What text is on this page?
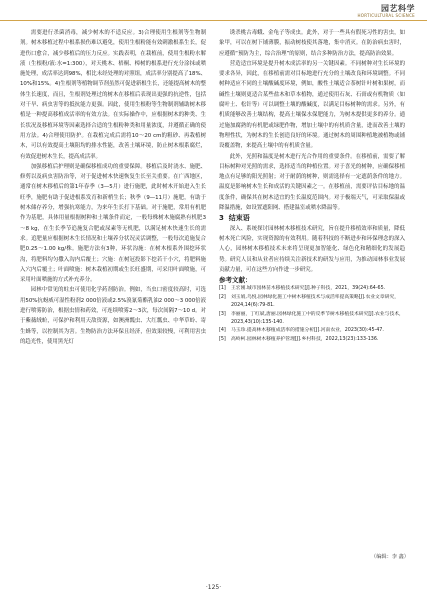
园艺科学
HORTICULTURAL SCIENCE

需要进行杀菌消毒，减少树木的不适反应。3)合理使用生根剂等生物制剂。树木移植过程中根系损伤难以避免，使用生根粉能有效刺激根系生长，促进伤口愈合，减少移植后的压力反应。实践表明，在栽植前，使用生根粉水解液（生根粉/液:水=1:300），对天桃木、梧桐、樟树的根系进行充分涂抹或喷施处理，成活率达到98%，相比未经处理的对照组，成活率分别提高了18%、10%和15%。4)生根剂等植物调节剂虽然可促进新根生长，还能提高树木的整体生长速度，而且，生根剂处理过的树木在移植后表现出更强的抗逆性，包括对干旱、病虫害等的抵抗能力更强。因此，使用生根粉等生物制剂辅助树木移植是一种提高移植成活率的有效方法。在实际操作中，应根据树木的种类、生长状况及移植环境等因素选择合适的生根粉种类和用量浓度，并遵循正确的使用方法。4)合理使用防护。在栽植完成后需将10～20 cm的粗砂、再栽植树木，可以有效提高土壤阻均的排水性能，改善土壤环境，防止树木根系腐烂，有效促进树木生长，提高成活率。

加强移植后护理则是确保移植成功的重要保障。移植后及时浇水、施肥、修剪以及病虫害防治等，对于促进树木快速恢复生长至关重要。在广西地区，通常在树木移植后的第1年春季（3—5月）进行施肥，此时树木开始进入生长旺季，施肥有助于促进根系发育和新梢生长；秋季（9—11月）施肥，有助于树木储存养分，增强抗寒能力，为来年生长打下基础。对于施肥，常用有机肥作为基肥，具体用量根据树种和土壤条件而定，一般每株树木施腐熟有机肥3～8 kg，在生长季节追施复合肥或尿素等无机肥，以满足树木快速生长的需求。追肥量应根据树木生长情况和土壤养分状况灵活调整，一般每次追施复合肥0.25～1.00 kg/株。施肥方法有3种，环状沟施：在树木根系外围挖环状沟，将肥料均匀撒入沟内后覆土；穴施：在树冠投影下挖若干小穴，将肥料施入穴内后覆土；叶面喷施：树木栽植初期或生长旺盛期，可采用叶面喷施，可采用叶面喷施的方式补充养分。

园林中常见的蛀虫可使用化学药剂防治。例如，当虫口密度较高时，可选用50%抗蚜威可湿性粉剂2 000倍液或2.5%溴氰菊酯乳油2 000～3 000倍液进行喷雾防治，根据虫情和药效，可连续喷雾2～3次，每次间隔7～10 d。对于紫薇绒蚧，可保护和利用天敌资源，如澳洲瓢虫、大红瓢虫、中华草蛉、寄生蜂等，以控制其为害。生物防治方法环保且经济，但效果较慢，可利用害虫的趋光性，使用黑光灯

诱杀桃古毒蛾、金龟子等成虫。此外，对于一些具有假死习性的害虫，如象甲，可以在树下铺薄膜，振动树枝使其落地，集中消灭。在防治病虫害时，应遵循“预防为主，综合治理”的原则，结合多种防治方法，提高防治效果。

营造适宜环境是提升树木成活率的另一关键因素。不同树种对生长环境的要求各异，因此，在移植前需对目标地进行充分的土壤改良和环境调整。不同树种适应不同的土壤酸碱度环境，例如，酸性土壤适合茶树针叶树和果树，而碱性土壤则更适合某些盐木和草本植物，通过使用石灰、石膏或有机物质（如腐叶土、松针等）可以调整土壤的酸碱度，以满足目标树种的需求。另外，有机质能够改善土壤结构，提高土壤保水保肥能力，为树木提供更多的养分。通过施加腐熟的有机肥或绿肥作物，增加土壤中的有机质含量，进而改善土壤的物理性状，为树木的生长创造良好的环境。通过树木的周围种植地被植物或铺设覆盖物，来提高土壤中的有机质含量。

此外，光照和温度是树木进行光合作用的重要条件。在移植前，需要了解目标树种对光照的需求，选择适当的种植位置。对于喜光的树种，应确保移植地点有足够的阳光照射；对于耐荫的树种，则需选择有一定遮荫条件的地方。温度是影响树木生长和成活的关键因素之一。在移植前，需要评估目标地的温度条件，确保其在树木适宜的生长温度范围内。对于极端天气，可采取保温或降温措施，如设置遮阳网、搭建温室或喷水降温等。

3 结束语

深入、系统探讨园林树木移植技术研究，旨在提升移植效率和质量，降低树木死亡风险，实现资源的有效利用。随着科技的不断进步和环保理念的深入人心，园林树木移植技术未来将呈现更加智能化、绿色化和精细化的发展趋势。研究人员和从业者应持续关注新技术的研发与应用，为推动园林事业发展贡献力量，可在这些方向作进一步研究。

参考文献：

[1]	王宏刚.城市园林苗木移植技术研究[J].种子科技，2021，39(24):64-65.
[2]	刘玉娟,乌悦.园林绿化施工中树木移植技术与成活率提高策略[J].农业文章研究，2024,14(6):79-81.
[3]	李丽丽，丁红斌,唐丽.园林绿化施工中的反季节树木移植技术研究[J].农业与技术，2023,43(10):135-140.
[4]	马玉珍.提高林木移植成活率的措施分析[J].河南农业，2023(30):45-47.
[5]	高岭柯.园林树木移植养护管理[J].乡村科技，2022,13(23):133-136.
（编辑：李 鑫）
·125·
